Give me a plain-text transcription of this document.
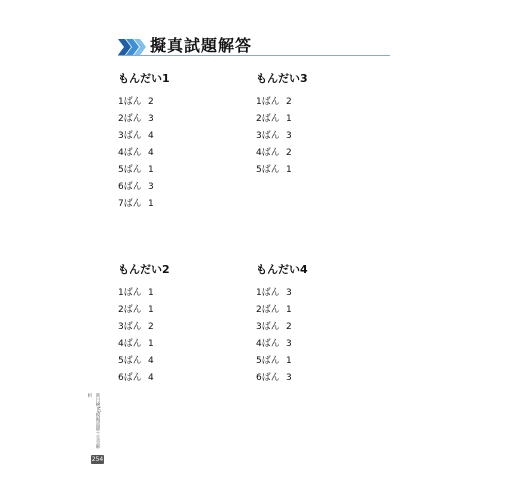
擬真試題解答
もんだい1
1ばん 2
2ばん 3
3ばん 4
4ばん 4
5ばん 1
6ばん 3
7ばん 1
もんだい3
1ばん 2
2ばん 1
3ばん 3
4ばん 2
5ばん 1
もんだい2
1ばん 1
2ばん 1
3ばん 2
4ばん 1
5ばん 4
6ばん 4
もんだい4
1ばん 3
2ばん 1
3ばん 2
4ばん 3
5ばん 1
6ばん 3
新日檢N3模擬試題＋完全解析
254
